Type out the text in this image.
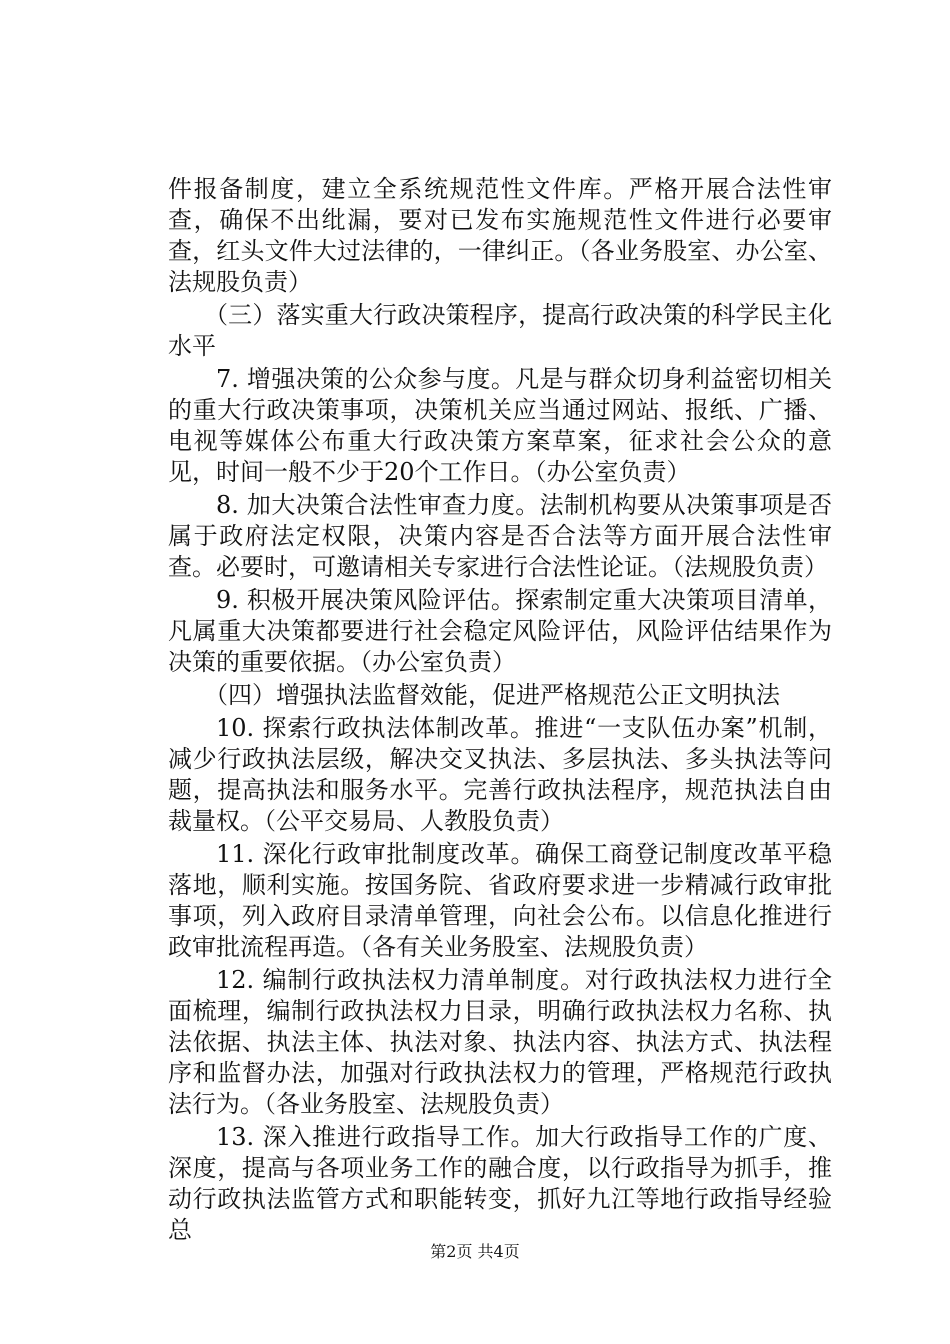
件报备制度，建立全系统规范性文件库。严格开展合法性审查，确保不出纰漏，要对已发布实施规范性文件进行必要审查，红头文件大过法律的，一律纠正。（各业务股室、办公室、法规股负责）

（三）落实重大行政决策程序，提高行政决策的科学民主化水平

7. 增强决策的公众参与度。凡是与群众切身利益密切相关的重大行政决策事项，决策机关应当通过网站、报纸、广播、电视等媒体公布重大行政决策方案草案，征求社会公众的意见，时间一般不少于20个工作日。（办公室负责）

8. 加大决策合法性审查力度。法制机构要从决策事项是否属于政府法定权限，决策内容是否合法等方面开展合法性审查。必要时，可邀请相关专家进行合法性论证。（法规股负责）

9. 积极开展决策风险评估。探索制定重大决策项目清单，凡属重大决策都要进行社会稳定风险评估，风险评估结果作为决策的重要依据。（办公室负责）

（四）增强执法监督效能，促进严格规范公正文明执法

10. 探索行政执法体制改革。推进“一支队伍办案”机制，减少行政执法层级，解决交叉执法、多层执法、多头执法等问题，提高执法和服务水平。完善行政执法程序，规范执法自由裁量权。（公平交易局、人教股负责）

11. 深化行政审批制度改革。确保工商登记制度改革平稳落地，顺利实施。按国务院、省政府要求进一步精减行政审批事项，列入政府目录清单管理，向社会公布。以信息化推进行政审批流程再造。（各有关业务股室、法规股负责）

12. 编制行政执法权力清单制度。对行政执法权力进行全面梳理，编制行政执法权力目录，明确行政执法权力名称、执法依据、执法主体、执法对象、执法内容、执法方式、执法程序和监督办法，加强对行政执法权力的管理，严格规范行政执法行为。（各业务股室、法规股负责）

13. 深入推进行政指导工作。加大行政指导工作的广度、深度，提高与各项业务工作的融合度，以行政指导为抓手，推动行政执法监管方式和职能转变，抓好九江等地行政指导经验总

第2页 共4页
